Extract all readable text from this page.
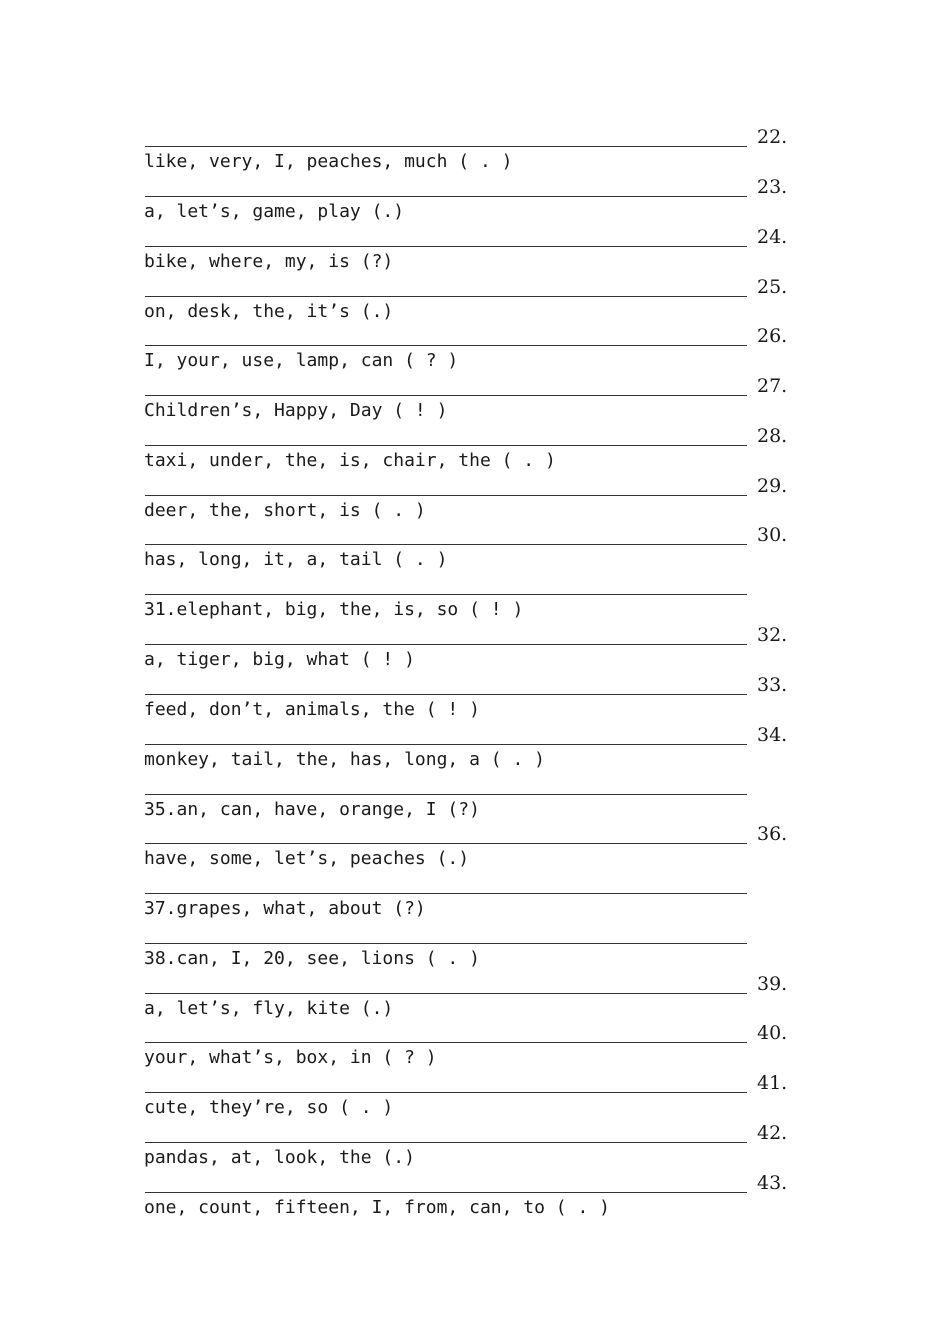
22.
like, very, I, peaches, much ( . )
23.
a, let’s, game, play (.)
24.
bike, where, my, is (?)
25.
on, desk, the, it’s (.)
26.
I, your, use, lamp, can ( ? )
27.
Children’s, Happy, Day ( ! )
28.
taxi, under, the, is, chair, the ( . )
29.
deer, the, short, is ( . )
30.
has, long, it, a, tail ( . )
31.elephant, big, the, is, so ( ! )
32.
a, tiger, big, what ( ! )
33.
feed, don’t, animals, the ( ! )
34.
monkey, tail, the, has, long, a ( . )
35.an, can, have, orange, I (?)
36.
have, some, let’s, peaches (.)
37.grapes, what, about (?)
38.can, I, 20, see, lions ( . )
39.
a, let’s, fly, kite (.)
40.
your, what’s, box, in ( ? )
41.
cute, they’re, so ( . )
42.
pandas, at, look, the (.)
43.
one, count, fifteen, I, from, can, to ( . )
